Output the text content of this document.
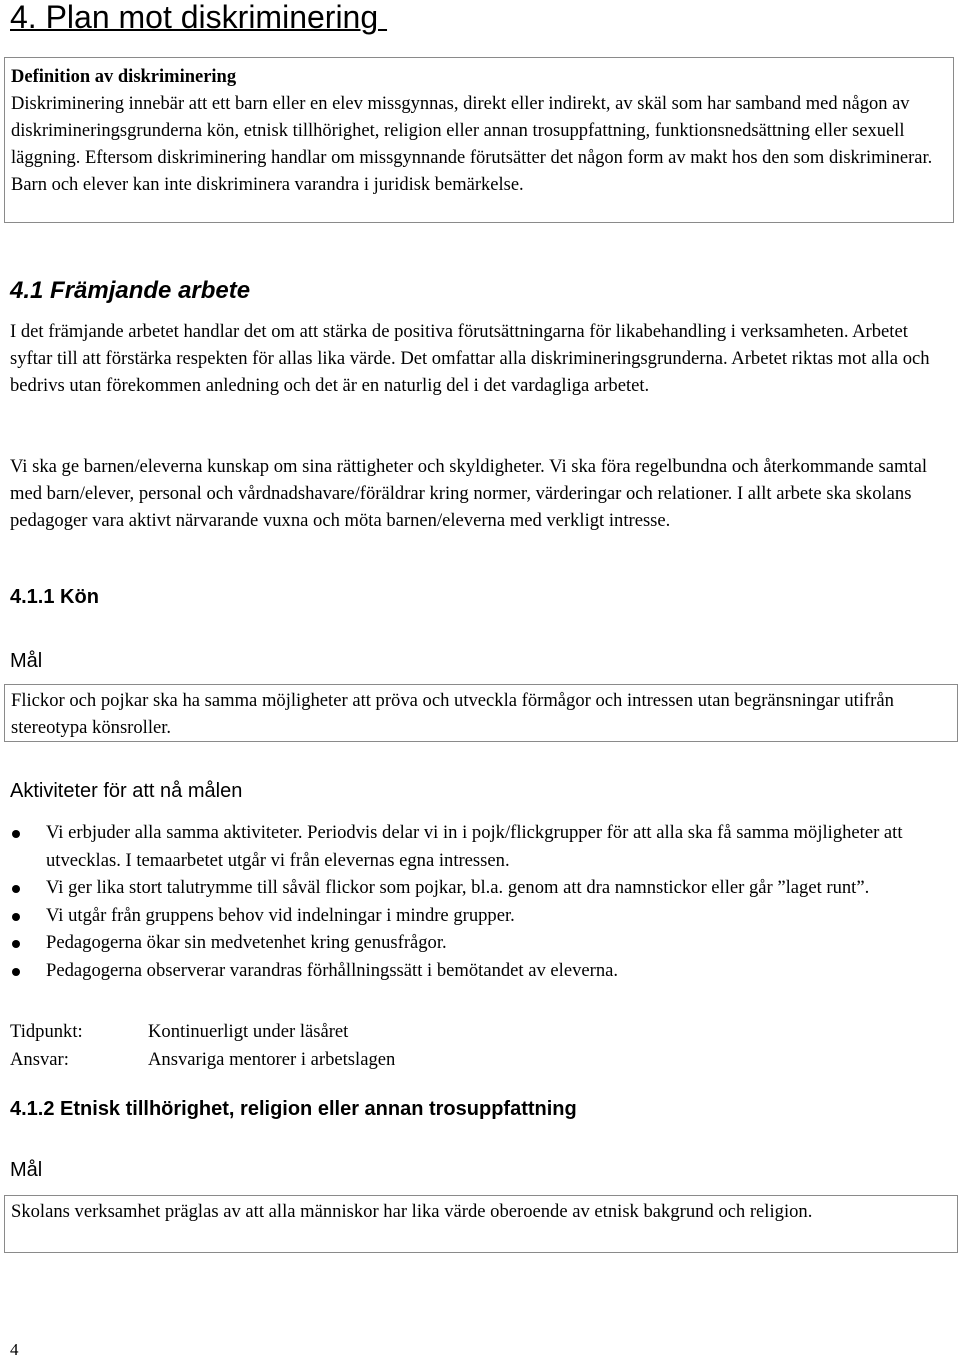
4. Plan mot diskriminering
Definition av diskriminering
Diskriminering innebär att ett barn eller en elev missgynnas, direkt eller indirekt, av skäl som har samband med någon av diskrimineringsgrunderna kön, etnisk tillhörighet, religion eller annan trosuppfattning, funktionsnedsättning eller sexuell läggning. Eftersom diskriminering handlar om missgynnande förutsätter det någon form av makt hos den som diskriminerar. Barn och elever kan inte diskriminera varandra i juridisk bemärkelse.
4.1 Främjande arbete
I det främjande arbetet handlar det om att stärka de positiva förutsättningarna för likabehandling i verksamheten. Arbetet syftar till att förstärka respekten för allas lika värde. Det omfattar alla diskrimineringsgrunderna. Arbetet riktas mot alla och bedrivs utan förekommen anledning och det är en naturlig del i det vardagliga arbetet.
Vi ska ge barnen/eleverna kunskap om sina rättigheter och skyldigheter. Vi ska föra regelbundna och återkommande samtal med barn/elever, personal och vårdnadshavare/föräldrar kring normer, värderingar och relationer. I allt arbete ska skolans pedagoger vara aktivt närvarande vuxna och möta barnen/eleverna med verkligt intresse.
4.1.1 Kön
Mål
Flickor och pojkar ska ha samma möjligheter att pröva och utveckla förmågor och intressen utan begränsningar utifrån stereotypa könsroller.
Aktiviteter för att nå målen
Vi erbjuder alla samma aktiviteter. Periodvis delar vi in i pojk/flickgrupper för att alla ska få samma möjligheter att utvecklas. I temaarbetet utgår vi från elevernas egna intressen.
Vi ger lika stort talutrymme till såväl flickor som pojkar, bl.a. genom att dra namnstickor eller går ”laget runt”.
Vi utgår från gruppens behov vid indelningar i mindre grupper.
Pedagogerna ökar sin medvetenhet kring genusfrågor.
Pedagogerna observerar varandras förhållningssätt i bemötandet av eleverna.
Tidpunkt:	Kontinuerligt under läsåret
Ansvar:	Ansvariga mentorer i arbetslagen
4.1.2 Etnisk tillhörighet, religion eller annan trosuppfattning
Mål
Skolans verksamhet präglas av att alla människor har lika värde oberoende av etnisk bakgrund och religion.
4
